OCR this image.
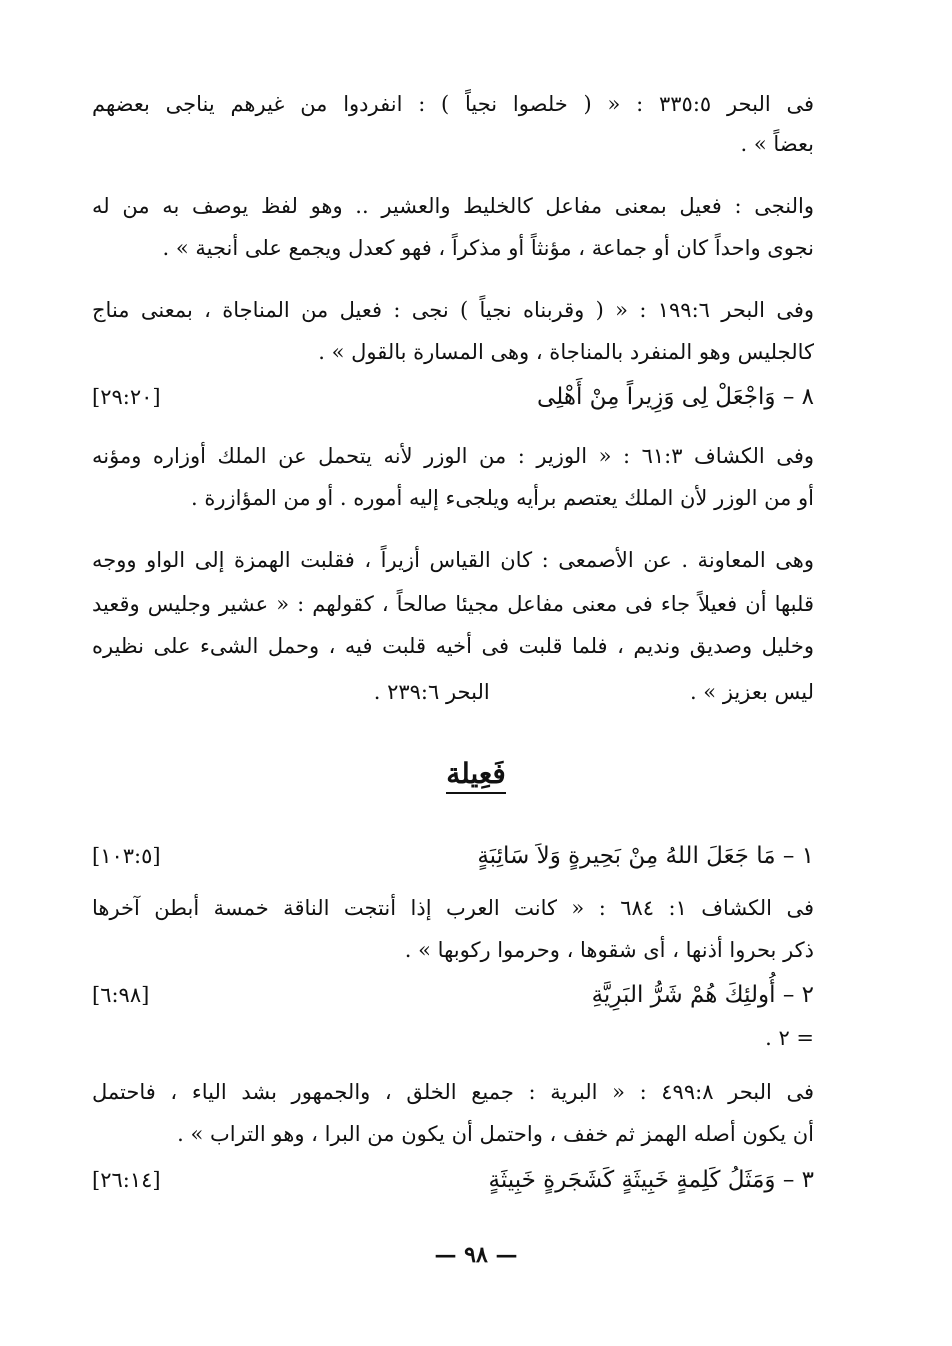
فى البحر ٣٣٥:٥ : « ( خلصوا نجياً ) : انفردوا من غيرهم يناجى بعضهم
بعضاً » .
والنجى : فعيل بمعنى مفاعل كالخليط والعشير .. وهو لفظ يوصف به من له
نجوى واحداً كان أو جماعة ، مؤنثاً أو مذكراً ، فهو كعدل ويجمع على أنجية » .
وفى البحر ١٩٩:٦ : « ( وقربناه نجياً ) نجى : فعيل من المناجاة ، بمعنى مناج
كالجليس وهو المنفرد بالمناجاة ، وهى المسارة بالقول » .
٨ – وَاجْعَلْ لِى وَزِيراً مِنْ أَهْلِى
[٢٩:٢٠]
وفى الكشاف ٦١:٣ : « الوزير : من الوزر لأنه يتحمل عن الملك أوزاره ومؤنه
أو من الوزر لأن الملك يعتصم برأيه ويلجىء إليه أموره . أو من المؤازرة .
وهى المعاونة . عن الأصمعى : كان القياس أزيراً ، فقلبت الهمزة إلى الواو ووجه
قلبها أن فعيلاً جاء فى معنى مفاعل مجيئا صالحاً ، كقولهم : « عشير وجليس وقعيد
وخليل وصديق ونديم ، فلما قلبت فى أخيه قلبت فيه ، وحمل الشىء على نظيره
ليس بعزيز » .                              البحر ٢٣٩:٦ .
فَعِيلة
١ – مَا جَعَلَ اللهُ مِنْ بَحِيرةٍ وَلاَ سَائِبَةٍ
[١٠٣:٥]
فى الكشاف ١: ٦٨٤ : « كانت العرب إذا أنتجت الناقة خمسة أبطن آخرها
ذكر بحروا أذنها ، أى شقوها ، وحرموا ركوبها » .
٢ – أُولئِكَ هُمْ شَرُّ البَرِيَّةِ
[٦:٩٨]
= ٢ .
فى البحر ٤٩٩:٨ : « البرية : جميع الخلق ، والجمهور بشد الياء ، فاحتمل
أن يكون أصله الهمز ثم خفف ، واحتمل أن يكون من البرا ، وهو التراب » .
٣ – وَمَثَلُ كَلِمةٍ خَبِيثَةٍ كَشَجَرةٍ خَبِيثَةٍ
[٢٦:١٤]
— ٩٨ —
